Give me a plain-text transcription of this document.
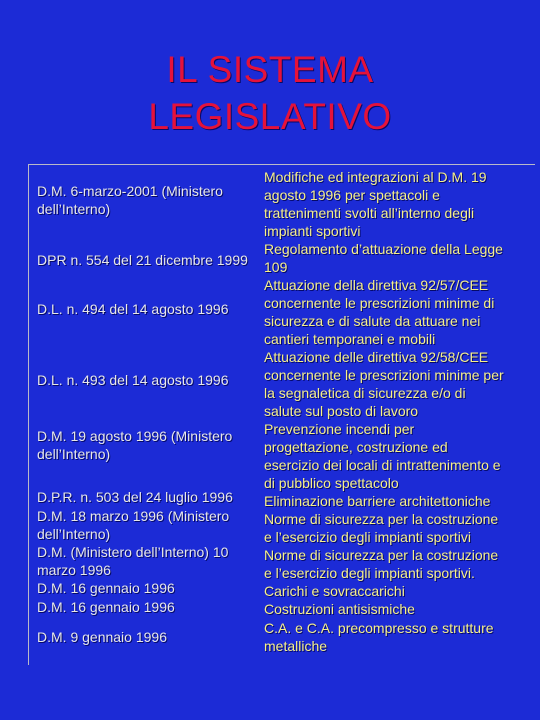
IL SISTEMA
LEGISLATIVO
D.M. 6-marzo-2001 (Ministero
dell’Interno)
DPR n. 554 del 21 dicembre 1999
D.L. n. 494 del 14 agosto 1996
D.L. n. 493 del 14 agosto 1996
D.M. 19 agosto 1996 (Ministero
dell’Interno)
D.P.R. n. 503 del 24 luglio 1996
D.M. 18 marzo 1996 (Ministero
dell’Interno)
D.M. (Ministero dell’Interno) 10
marzo 1996
D.M. 16 gennaio 1996
D.M. 16 gennaio 1996
D.M. 9 gennaio 1996
Modifiche ed integrazioni al D.M. 19
agosto 1996 per spettacoli e
trattenimenti svolti all’interno degli
impianti sportivi
Regolamento d’attuazione della Legge
109
Attuazione della direttiva 92/57/CEE
concernente le prescrizioni minime di
sicurezza e di salute da attuare nei
cantieri temporanei e mobili
Attuazione delle direttiva 92/58/CEE
concernente le prescrizioni minime per
la segnaletica di sicurezza e/o di
salute sul posto di lavoro
Prevenzione incendi per
progettazione, costruzione ed
esercizio dei locali di intrattenimento e
di pubblico spettacolo
Eliminazione barriere architettoniche
Norme di sicurezza per la costruzione
e l’esercizio degli impianti sportivi
Norme di sicurezza per la costruzione
e l’esercizio degli impianti sportivi.
Carichi e sovraccarichi
Costruzioni antisismiche
C.A. e C.A. precompresso e strutture
metalliche
